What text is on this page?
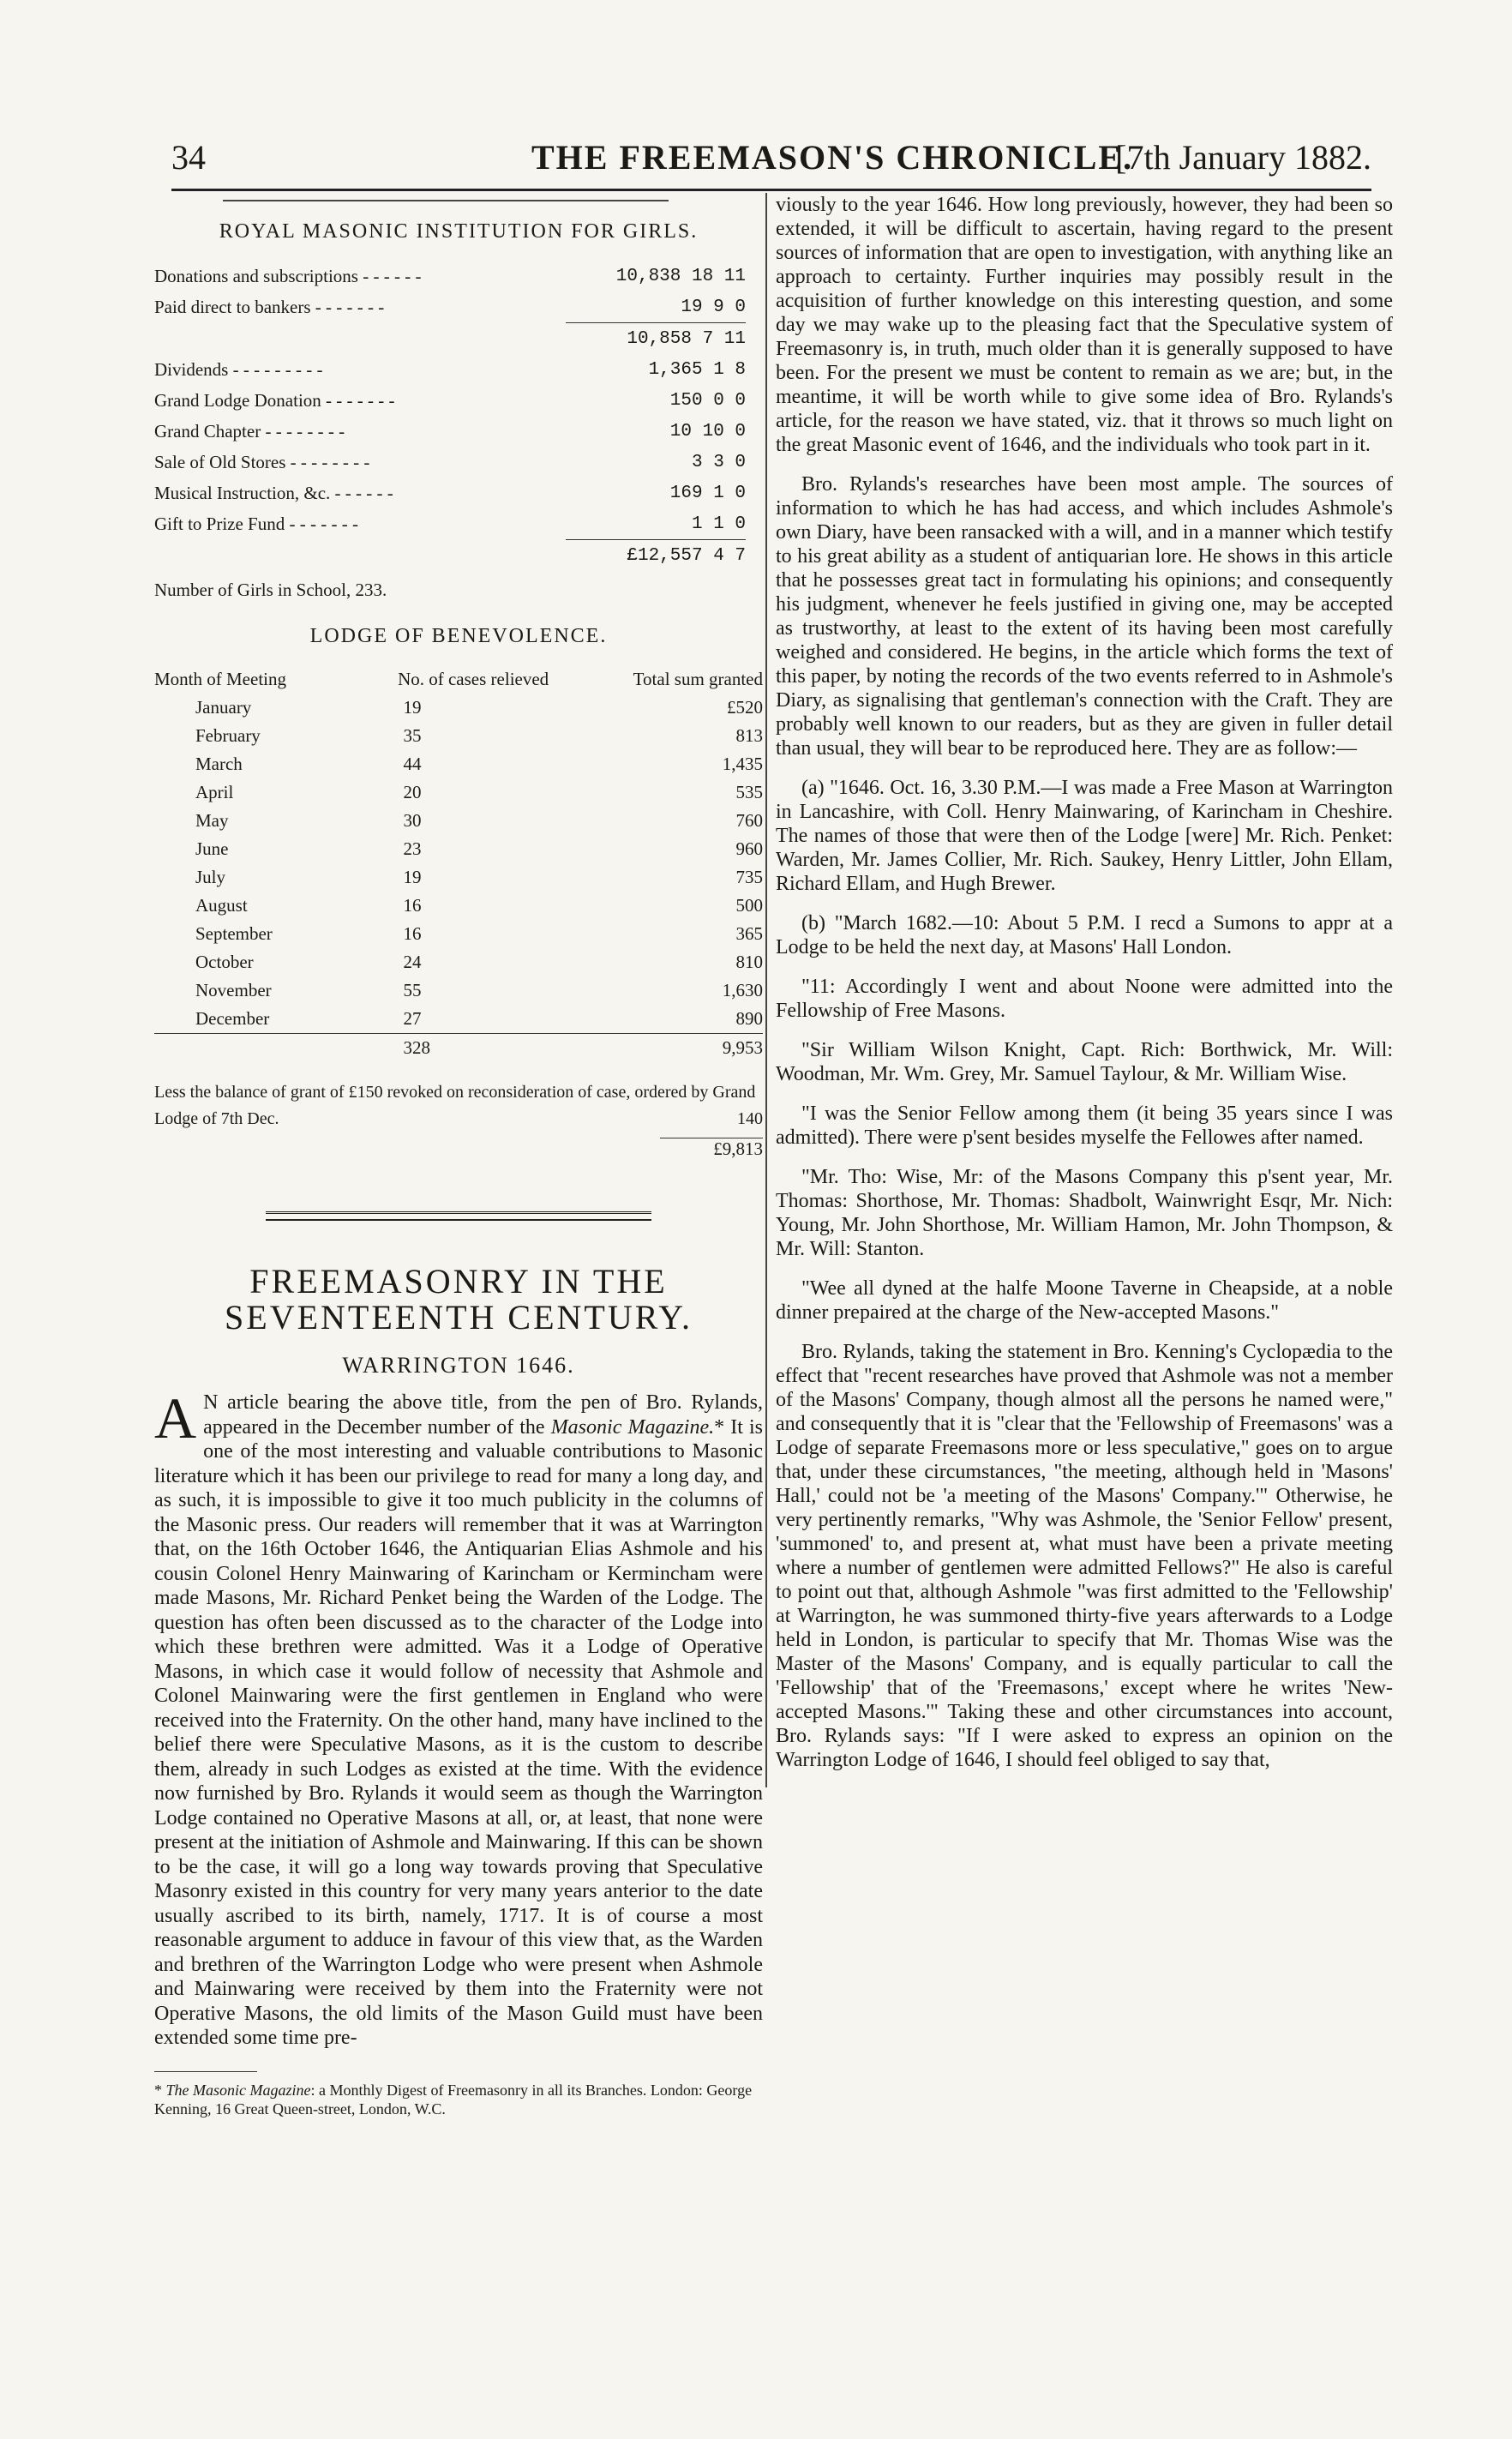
34	THE FREEMASON'S CHRONICLE.
[7th January 1882.
ROYAL MASONIC INSTITUTION FOR GIRLS.
Donations and subscriptions - - - - - -	10,838 18 11
Paid direct to bankers - - - - - - -	19 9 0
	10,858 7 11
Dividends - - - - - - - - -	1,365 1 8
Grand Lodge Donation - - - - - - -	150 0 0
Grand Chapter - - - - - - - -	10 10 0
Sale of Old Stores - - - - - - - -	3 3 0
Musical Instruction, &c. - - - - - -	169 1 0
Gift to Prize Fund - - - - - - -	1 1 0
	£12,557 4 7
Number of Girls in School, 233.
LODGE OF BENEVOLENCE.
Month of Meeting	No. of cases relieved	Total sum granted
January	19	£520
February	35	813
March	44	1,435
April	20	535
May	30	760
June	23	960
July	19	735
August	16	500
September	16	365
October	24	810
November	55	1,630
December	27	890
	328	9,953
Less the balance of grant of £150 revoked on reconsideration of case, ordered by Grand Lodge of 7th Dec.	140
£9,813
FREEMASONRY IN THE SEVENTEENTH CENTURY.
WARRINGTON 1646.

A N article bearing the above title, from the pen of Bro. Rylands, appeared in the December number of the Masonic Magazine.* It is one of the most interesting and valuable contributions to Masonic literature which it has been our privilege to read for many a long day, and as such, it is impossible to give it too much publicity in the columns of the Masonic press. Our readers will remember that it was at Warrington that, on the 16th October 1646, the Antiquarian Elias Ashmole and his cousin Colonel Henry Mainwaring of Karincham or Kermincham were made Masons, Mr. Richard Penket being the Warden of the Lodge. The question has often been discussed as to the character of the Lodge into which these brethren were admitted. Was it a Lodge of Operative Masons, in which case it would follow of necessity that Ashmole and Colonel Mainwaring were the first gentlemen in England who were received into the Fraternity. On the other hand, many have inclined to the belief there were Speculative Masons, as it is the custom to describe them, already in such Lodges as existed at the time. With the evidence now furnished by Bro. Rylands it would seem as though the Warrington Lodge contained no Operative Masons at all, or, at least, that none were present at the initiation of Ashmole and Mainwaring. If this can be shown to be the case, it will go a long way towards proving that Speculative Masonry existed in this country for very many years anterior to the date usually ascribed to its birth, namely, 1717. It is of course a most reasonable argument to adduce in favour of this view that, as the Warden and brethren of the Warrington Lodge who were present when Ashmole and Mainwaring were received by them into the Fraternity were not Operative Masons, the old limits of the Mason Guild must have been extended some time pre-

* The Masonic Magazine: a Monthly Digest of Freemasonry in all its Branches. London: George Kenning, 16 Great Queen-street, London, W.C.

viously to the year 1646. How long previously, however, they had been so extended, it will be difficult to ascertain, having regard to the present sources of information that are open to investigation, with anything like an approach to certainty. Further inquiries may possibly result in the acquisition of further knowledge on this interesting question, and some day we may wake up to the pleasing fact that the Speculative system of Freemasonry is, in truth, much older than it is generally supposed to have been. For the present we must be content to remain as we are; but, in the meantime, it will be worth while to give some idea of Bro. Rylands's article, for the reason we have stated, viz. that it throws so much light on the great Masonic event of 1646, and the individuals who took part in it.

Bro. Rylands's researches have been most ample. The sources of information to which he has had access, and which includes Ashmole's own Diary, have been ransacked with a will, and in a manner which testify to his great ability as a student of antiquarian lore. He shows in this article that he possesses great tact in formulating his opinions; and consequently his judgment, whenever he feels justified in giving one, may be accepted as trustworthy, at least to the extent of its having been most carefully weighed and considered. He begins, in the article which forms the text of this paper, by noting the records of the two events referred to in Ashmole's Diary, as signalising that gentleman's connection with the Craft. They are probably well known to our readers, but as they are given in fuller detail than usual, they will bear to be reproduced here. They are as follow:—

(a) "1646. Oct. 16, 3.30 P.M.—I was made a Free Mason at Warrington in Lancashire, with Coll. Henry Mainwaring, of Karincham in Cheshire. The names of those that were then of the Lodge [were] Mr. Rich. Penket: Warden, Mr. James Collier, Mr. Rich. Saukey, Henry Littler, John Ellam, Richard Ellam, and Hugh Brewer.

(b) "March 1682.—10: About 5 P.M. I recd a Sumons to appr at a Lodge to be held the next day, at Masons' Hall London.

"11: Accordingly I went and about Noone were admitted into the Fellowship of Free Masons.

"Sir William Wilson Knight, Capt. Rich: Borthwick, Mr. Will: Woodman, Mr. Wm. Grey, Mr. Samuel Taylour, & Mr. William Wise.

"I was the Senior Fellow among them (it being 35 years since I was admitted). There were p'sent besides myselfe the Fellowes after named.

"Mr. Tho: Wise, Mr: of the Masons Company this p'sent year, Mr. Thomas: Shorthose, Mr. Thomas: Shadbolt, Wainwright Esqr, Mr. Nich: Young, Mr. John Shorthose, Mr. William Hamon, Mr. John Thompson, & Mr. Will: Stanton.

"Wee all dyned at the halfe Moone Taverne in Cheapside, at a noble dinner prepaired at the charge of the New-accepted Masons."

Bro. Rylands, taking the statement in Bro. Kenning's Cyclopædia to the effect that "recent researches have proved that Ashmole was not a member of the Masons' Company, though almost all the persons he named were," and consequently that it is "clear that the 'Fellowship of Freemasons' was a Lodge of separate Freemasons more or less speculative," goes on to argue that, under these circumstances, "the meeting, although held in 'Masons' Hall,' could not be 'a meeting of the Masons' Company.'" Otherwise, he very pertinently remarks, "Why was Ashmole, the 'Senior Fellow' present, 'summoned' to, and present at, what must have been a private meeting where a number of gentlemen were admitted Fellows?" He also is careful to point out that, although Ashmole "was first admitted to the 'Fellowship' at Warrington, he was summoned thirty-five years afterwards to a Lodge held in London, is particular to specify that Mr. Thomas Wise was the Master of the Masons' Company, and is equally particular to call the 'Fellowship' that of the 'Freemasons,' except where he writes 'New-accepted Masons.'" Taking these and other circumstances into account, Bro. Rylands says: "If I were asked to express an opinion on the Warrington Lodge of 1646, I should feel obliged to say that,
